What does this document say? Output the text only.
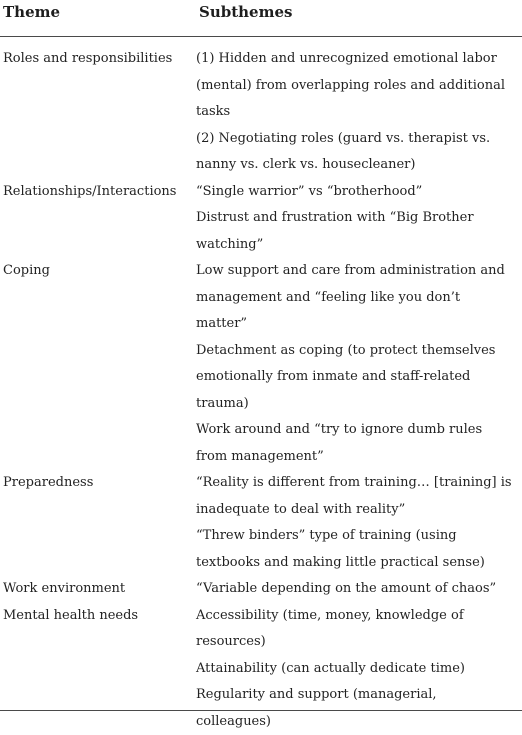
Theme	Subthemes
Roles and responsibilities	(1) Hidden and unrecognized emotional labor (mental) from overlapping roles and additional tasks
(2) Negotiating roles (guard vs. therapist vs. nanny vs. clerk vs. housecleaner)
Relationships/Interactions	“Single warrior” vs “brotherhood”
Distrust and frustration with “Big Brother watching”
Coping	Low support and care from administration and management and “feeling like you don’t matter”
Detachment as coping (to protect themselves emotionally from inmate and staff-related trauma)
Work around and “try to ignore dumb rules from management”
Preparedness	“Reality is different from training… [training] is inadequate to deal with reality”
“Threw binders” type of training (using textbooks and making little practical sense)
Work environment	“Variable depending on the amount of chaos”
Mental health needs	Accessibility (time, money, knowledge of resources)
Attainability (can actually dedicate time)
Regularity and support (managerial, colleagues)
